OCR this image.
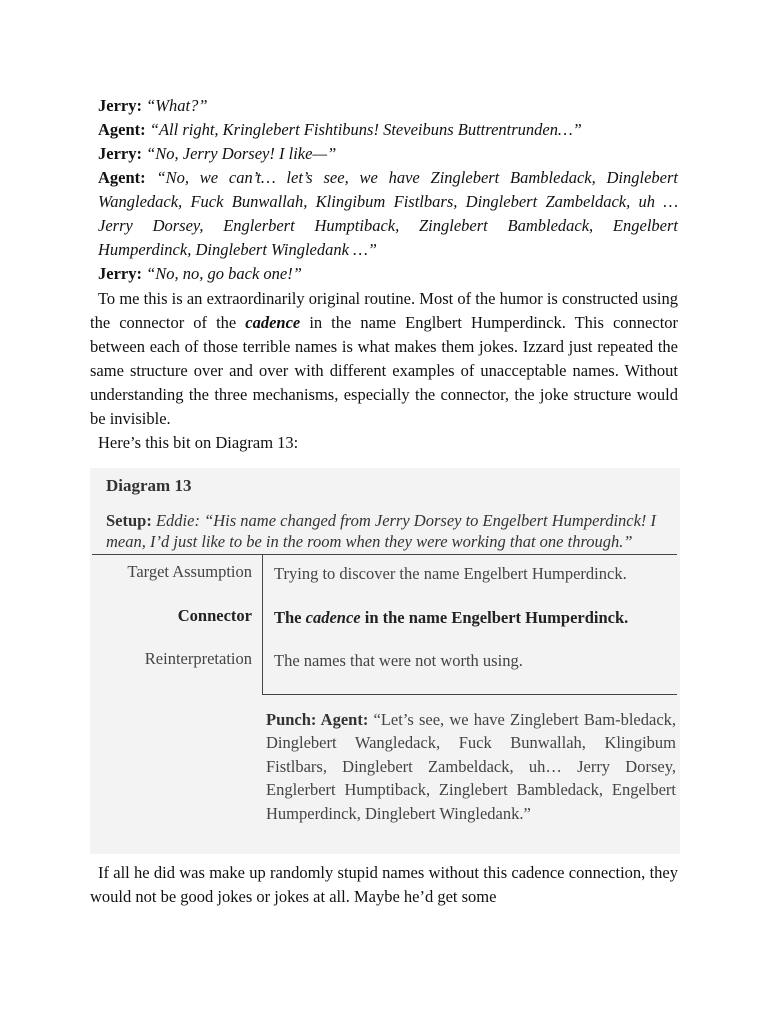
Jerry: “What?”

Agent: “All right, Kringlebert Fishtibuns! Steveibuns Buttrentrunden…”

Jerry: “No, Jerry Dorsey! I like—”

Agent: “No, we can’t… let’s see, we have Zinglebert Bambledack, Dinglebert Wangledack, Fuck Bunwallah, Klingibum Fistlbars, Dinglebert Zambeldack, uh … Jerry Dorsey, Englerbert Humptiback, Zinglebert Bambledack, Engelbert Humperdinck, Dinglebert Wingledank …”

Jerry: “No, no, go back one!”

To me this is an extraordinarily original routine. Most of the humor is constructed using the connector of the cadence in the name Englbert Humperdinck. This connector between each of those terrible names is what makes them jokes. Izzard just repeated the same structure over and over with different examples of unacceptable names. Without understanding the three mechanisms, especially the connector, the joke structure would be invisible.

Here’s this bit on Diagram 13:

Diagram 13
Setup: Eddie: “His name changed from Jerry Dorsey to Engelbert Humperdinck! I mean, I’d just like to be in the room when they were working that one through.”
Target Assumption Trying to discover the name Engelbert Humperdinck.
Connector The cadence in the name Engelbert Humperdinck.
Reinterpretation The names that were not worth using.
Punch: Agent: “Let’s see, we have Zinglebert Bam-bledack, Dinglebert Wangledack, Fuck Bunwallah, Klingibum Fistlbars, Dinglebert Zambeldack, uh… Jerry Dorsey, Englerbert Humptiback, Zinglebert Bambledack, Engelbert Humperdinck, Dinglebert Wingledank.”

If all he did was make up randomly stupid names without this cadence connection, they would not be good jokes or jokes at all. Maybe he’d get some
